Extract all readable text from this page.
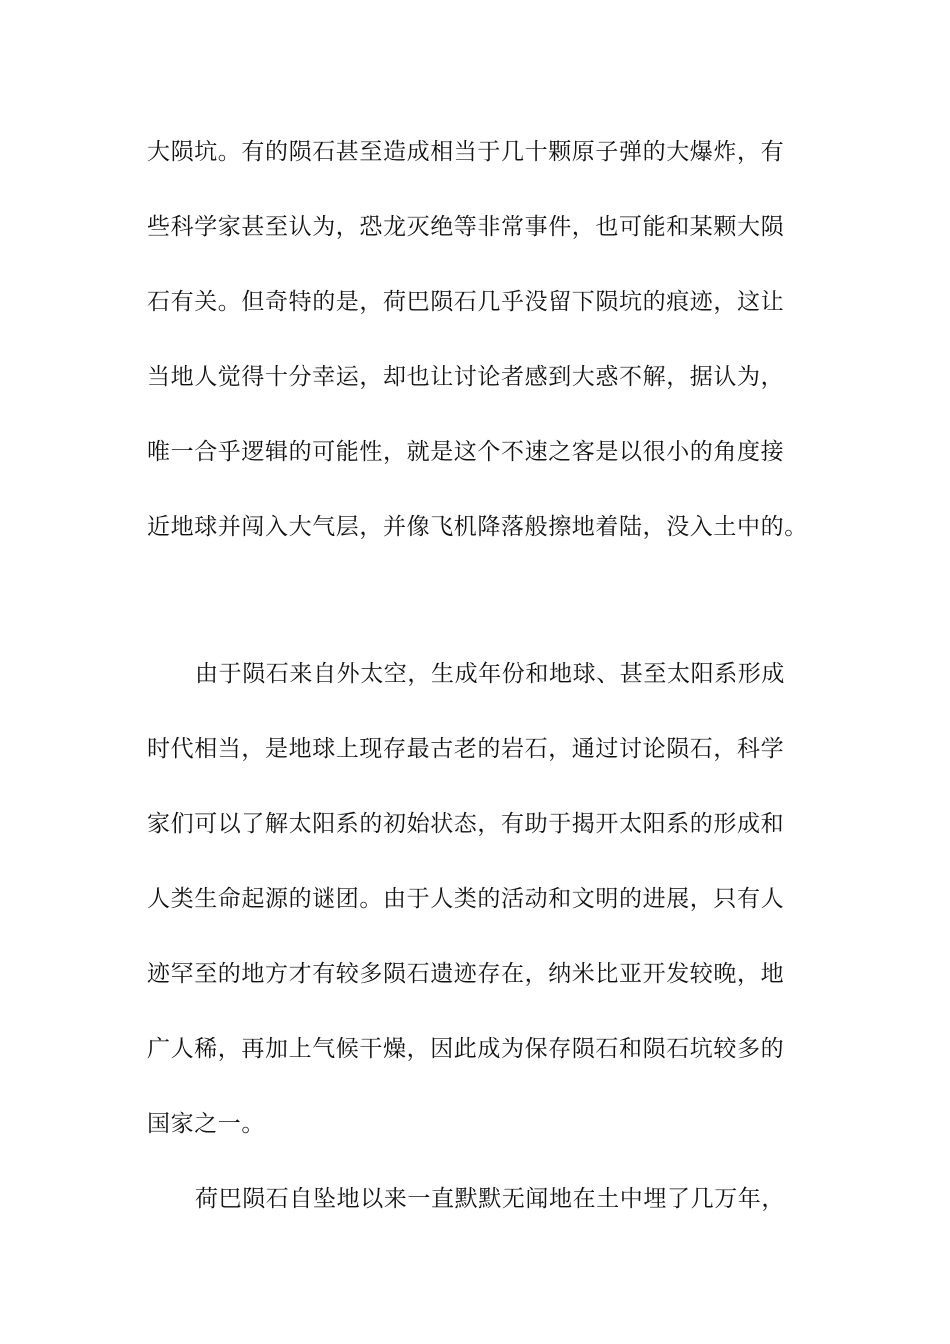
大陨坑。有的陨石甚至造成相当于几十颗原子弹的大爆炸，有
些科学家甚至认为，恐龙灭绝等非常事件，也可能和某颗大陨
石有关。但奇特的是，荷巴陨石几乎没留下陨坑的痕迹，这让
当地人觉得十分幸运，却也让讨论者感到大惑不解，据认为，
唯一合乎逻辑的可能性，就是这个不速之客是以很小的角度接
近地球并闯入大气层，并像飞机降落般擦地着陆，没入土中的。
由于陨石来自外太空，生成年份和地球、甚至太阳系形成
时代相当，是地球上现存最古老的岩石，通过讨论陨石，科学
家们可以了解太阳系的初始状态，有助于揭开太阳系的形成和
人类生命起源的谜团。由于人类的活动和文明的进展，只有人
迹罕至的地方才有较多陨石遗迹存在，纳米比亚开发较晚，地
广人稀，再加上气候干燥，因此成为保存陨石和陨石坑较多的
国家之一。
荷巴陨石自坠地以来一直默默无闻地在土中埋了几万年，
